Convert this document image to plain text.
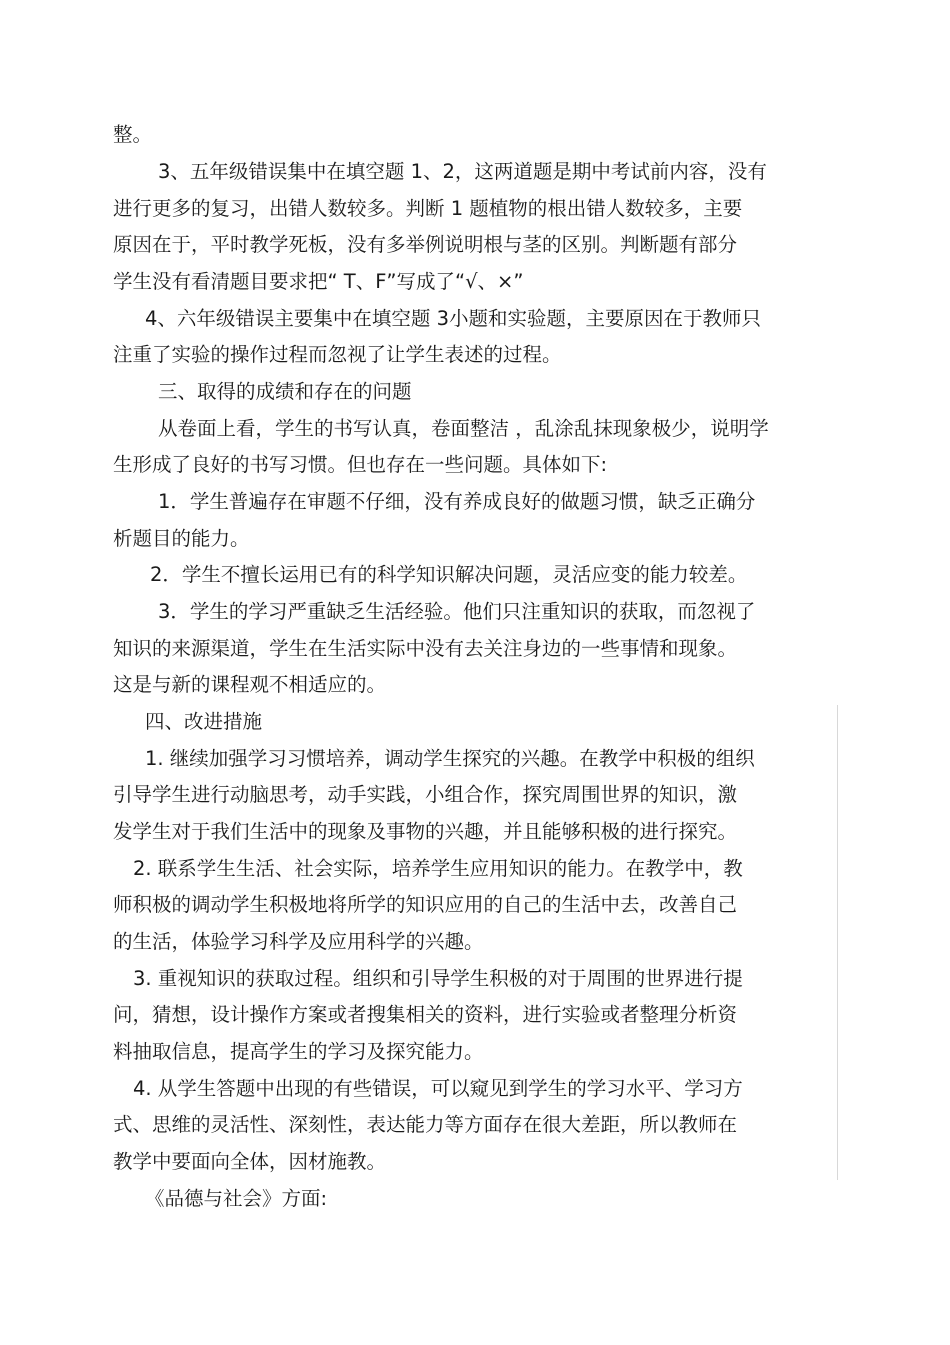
整。
3、五年级错误集中在填空题 1、2，这两道题是期中考试前内容，没有
进行更多的复习，出错人数较多。判断 1 题植物的根出错人数较多，主要
原因在于，平时教学死板，没有多举例说明根与茎的区别。判断题有部分
学生没有看清题目要求把“ T、F”写成了“√、×”
4、六年级错误主要集中在填空题 3小题和实验题，主要原因在于教师只
注重了实验的操作过程而忽视了让学生表述的过程。
三、取得的成绩和存在的问题
从卷面上看，学生的书写认真，卷面整洁 ，乱涂乱抹现象极少，说明学
生形成了良好的书写习惯。但也存在一些问题。具体如下:
1．学生普遍存在审题不仔细，没有养成良好的做题习惯，缺乏正确分
析题目的能力。
2．学生不擅长运用已有的科学知识解决问题，灵活应变的能力较差。
3．学生的学习严重缺乏生活经验。他们只注重知识的获取，而忽视了
知识的来源渠道，学生在生活实际中没有去关注身边的一些事情和现象。
这是与新的课程观不相适应的。
四、改进措施
1. 继续加强学习习惯培养，调动学生探究的兴趣。在教学中积极的组织
引导学生进行动脑思考，动手实践，小组合作，探究周围世界的知识，激
发学生对于我们生活中的现象及事物的兴趣，并且能够积极的进行探究。
2. 联系学生生活、社会实际，培养学生应用知识的能力。在教学中，教
师积极的调动学生积极地将所学的知识应用的自己的生活中去，改善自己
的生活，体验学习科学及应用科学的兴趣。
3. 重视知识的获取过程。组织和引导学生积极的对于周围的世界进行提
问，猜想，设计操作方案或者搜集相关的资料，进行实验或者整理分析资
料抽取信息，提高学生的学习及探究能力。
4. 从学生答题中出现的有些错误，可以窥见到学生的学习水平、学习方
式、思维的灵活性、深刻性，表达能力等方面存在很大差距，所以教师在
教学中要面向全体，因材施教。
《品德与社会》方面:
